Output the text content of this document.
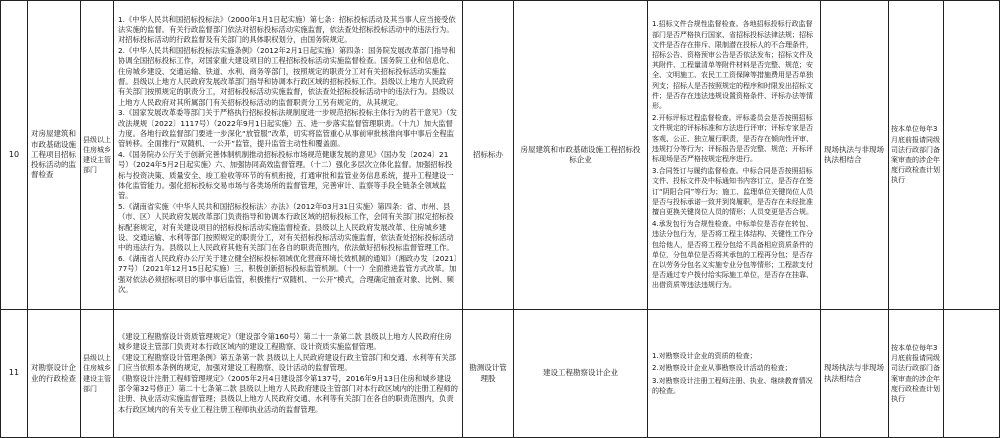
10

对房屋建筑和市政基础设施工程项目招标投标活动的监督检查

县级以上住房城乡建设主管部门

1.《中华人民共和国招标投标法》（2000年1月1日起实施）第七条：招标投标活动及其当事人应当接受依法实施的监督。有关行政监督部门依法对招标投标活动实施监督，依法查处招标投标活动中的违法行为。对招标投标活动的行政监督及有关部门的具体职权划分，由国务院规定。

2.《中华人民共和国招标投标法实施条例》（2012年2月1日起实施）第四条：国务院发展改革部门指导和协调全国招标投标工作，对国家重大建设项目的工程招标投标活动实施监督检查。国务院工业和信息化、住房城乡建设、交通运输、铁道、水利、商务等部门，按照规定的职责分工对有关招标投标活动实施监督。县级以上地方人民政府发展改革部门指导和协调本行政区域的招标投标工作。县级以上地方人民政府有关部门按照规定的职责分工，对招标投标活动实施监督，依法查处招标投标活动中的违法行为。县级以上地方人民政府对其所属部门有关招标投标活动的监督职责分工另有规定的，从其规定。

3.《国家发展改革委等部门关于严格执行招标投标法规制度进一步规范招标投标主体行为的若干意见》（发改法规规〔2022〕1117号）（2022年9月1日起实施）五、进一步落实监督管理职责。（十九）加大监督力度。各地行政监督部门要进一步深化“放管服”改革，切实将监管重心从事前审批核准向事中事后全程监管转移。全面推行“双随机、一公开”监管，提升监管主动性和覆盖面。

4.《国务院办公厅关于创新完善体制机制推动招标投标市场规范健康发展的意见》（国办发〔2024〕21号）（2024年5月2日起实施）六、加强协同高效监督管理。（十二）强化多层次立体化监督。加强招标投标与投资决策、质量安全、竣工验收等环节的有机衔接，打通审批和监管业务信息系统，提升工程建设一体化监管能力。强化招标投标交易市场与各类场所的监督管理，完善审计、监察等手段全链条全领域监管。

5.《湖南省实施〈中华人民共和国招标投标法〉办法》（2012年03月31日实施）第四条：省、市州、县（市、区）人民政府发展改革部门负责指导和协调本行政区域的招标投标工作，会同有关部门拟定招标投标配套规定，对有关建设项目的招标投标活动实施监督检查。县级以上人民政府发展改革、住房城乡建设、交通运输、水利等部门按照规定的职责分工，对有关招标投标活动实施监督，依法查处招标投标活动中的违法行为。县级以上人民政府其他有关部门在各自的职责范围内，依法做好招标投标监督管理工作。

6.《湖南省人民政府办公厅关于建立健全招标投标领域优化营商环境长效机制的通知》（湘政办发〔2021〕77号）（2021年12月15日起实施）三、积极创新招标投标监管机制。（十一）全面推进监管方式改革。加强对依法必须招标项目的事中事后监管，积极推行“双随机、一公开”模式，合理确定抽查对象、比例、频次。

招标标办

房屋建筑和市政基础设施工程招标投标企业

1.招标文件合规性监督检查。各地招标投标行政监督部门是否严格执行国家、省招标投标法律法规；招标文件是否存在排斥、限制潜在投标人的不合理条件，招标公告、资格预审公告是否依法发布；招标文件及其附件、工程量清单等附件材料是否完整、规范；安全、文明施工、农民工工资保障等措施费用是否单独列支；招标人是否按照规定的程序和时限发出招标文件；是否存在违法违规设置资格条件、评标办法等情形。

2.开标评标过程监督检查。评标委员会是否按照招标文件规定的评标标准和方法进行评审；评标专家是否客观、公正、独立履行职责，是否存在倾向性评审、违规打分等行为；评标报告是否完整、规范；开标评标现场是否严格按规定程序进行。

3.合同签订与履约监督检查。中标合同是否按照招标文件、投标文件及中标通知书内容订立，是否存在签订“阴阳合同”等行为；施工、监理单位关键岗位人员是否与投标承诺一致并到岗履职，是否存在未经批准擅自更换关键岗位人员的情形；人员变更是否合规。

4.承发包行为合规性检查。中标单位是否存在转包、违法分包行为，是否将工程主体结构、关键性工作分包给他人，是否将工程分包给不具备相应资质条件的单位，分包单位是否将其承包的工程再分包；是否存在以劳务分包名义实施专业分包等情形；工程款支付是否通过专户拨付给实际施工单位，是否存在挂靠、出借资质等违法违规行为。

现场执法与非现场执法相结合

按本单位每年3月底前报请同级司法行政部门备案审查的涉企年度行政检查计划执行

11

对勘察设计企业的行政检查

县级以上住房城乡建设主管部门

《建设工程勘察设计资质管理规定》（建设部令第160号）第二十一条第二款 县级以上地方人民政府住房城乡建设主管部门负责对本行政区域内的建设工程勘察、设计资质实施监督管理。

《建设工程勘察设计管理条例》第五条第一款 县级以上人民政府建设行政主管部门和交通、水利等有关部门应当依照本条例的规定，加强对建设工程勘察、设计活动的监督管理。

《勘察设计注册工程师管理规定》（2005年2月4日建设部令第137号，2016年9月13日住房和城乡建设部令第32号修正）第二十七条第二款 县级以上地方人民政府建设主管部门对本行政区域内的注册工程师的注册、执业活动实施监督管理；县级以上地方人民政府交通、水利等有关部门在各自的职责范围内，负责本行政区域内的有关专业工程注册工程师执业活动的监督管理。

勘测设计管理股

建设工程勘察设计企业

1.对勘察设计企业的资质的检查；

2.对勘察设计企业从事勘察设计活动的检查；

3.对勘察设计注册工程师注册、执业、继续教育情况的检查。

现场执法与非现场执法相结合

按本单位每年3月底前报请同级司法行政部门备案审查的涉企年度行政检查计划执行
